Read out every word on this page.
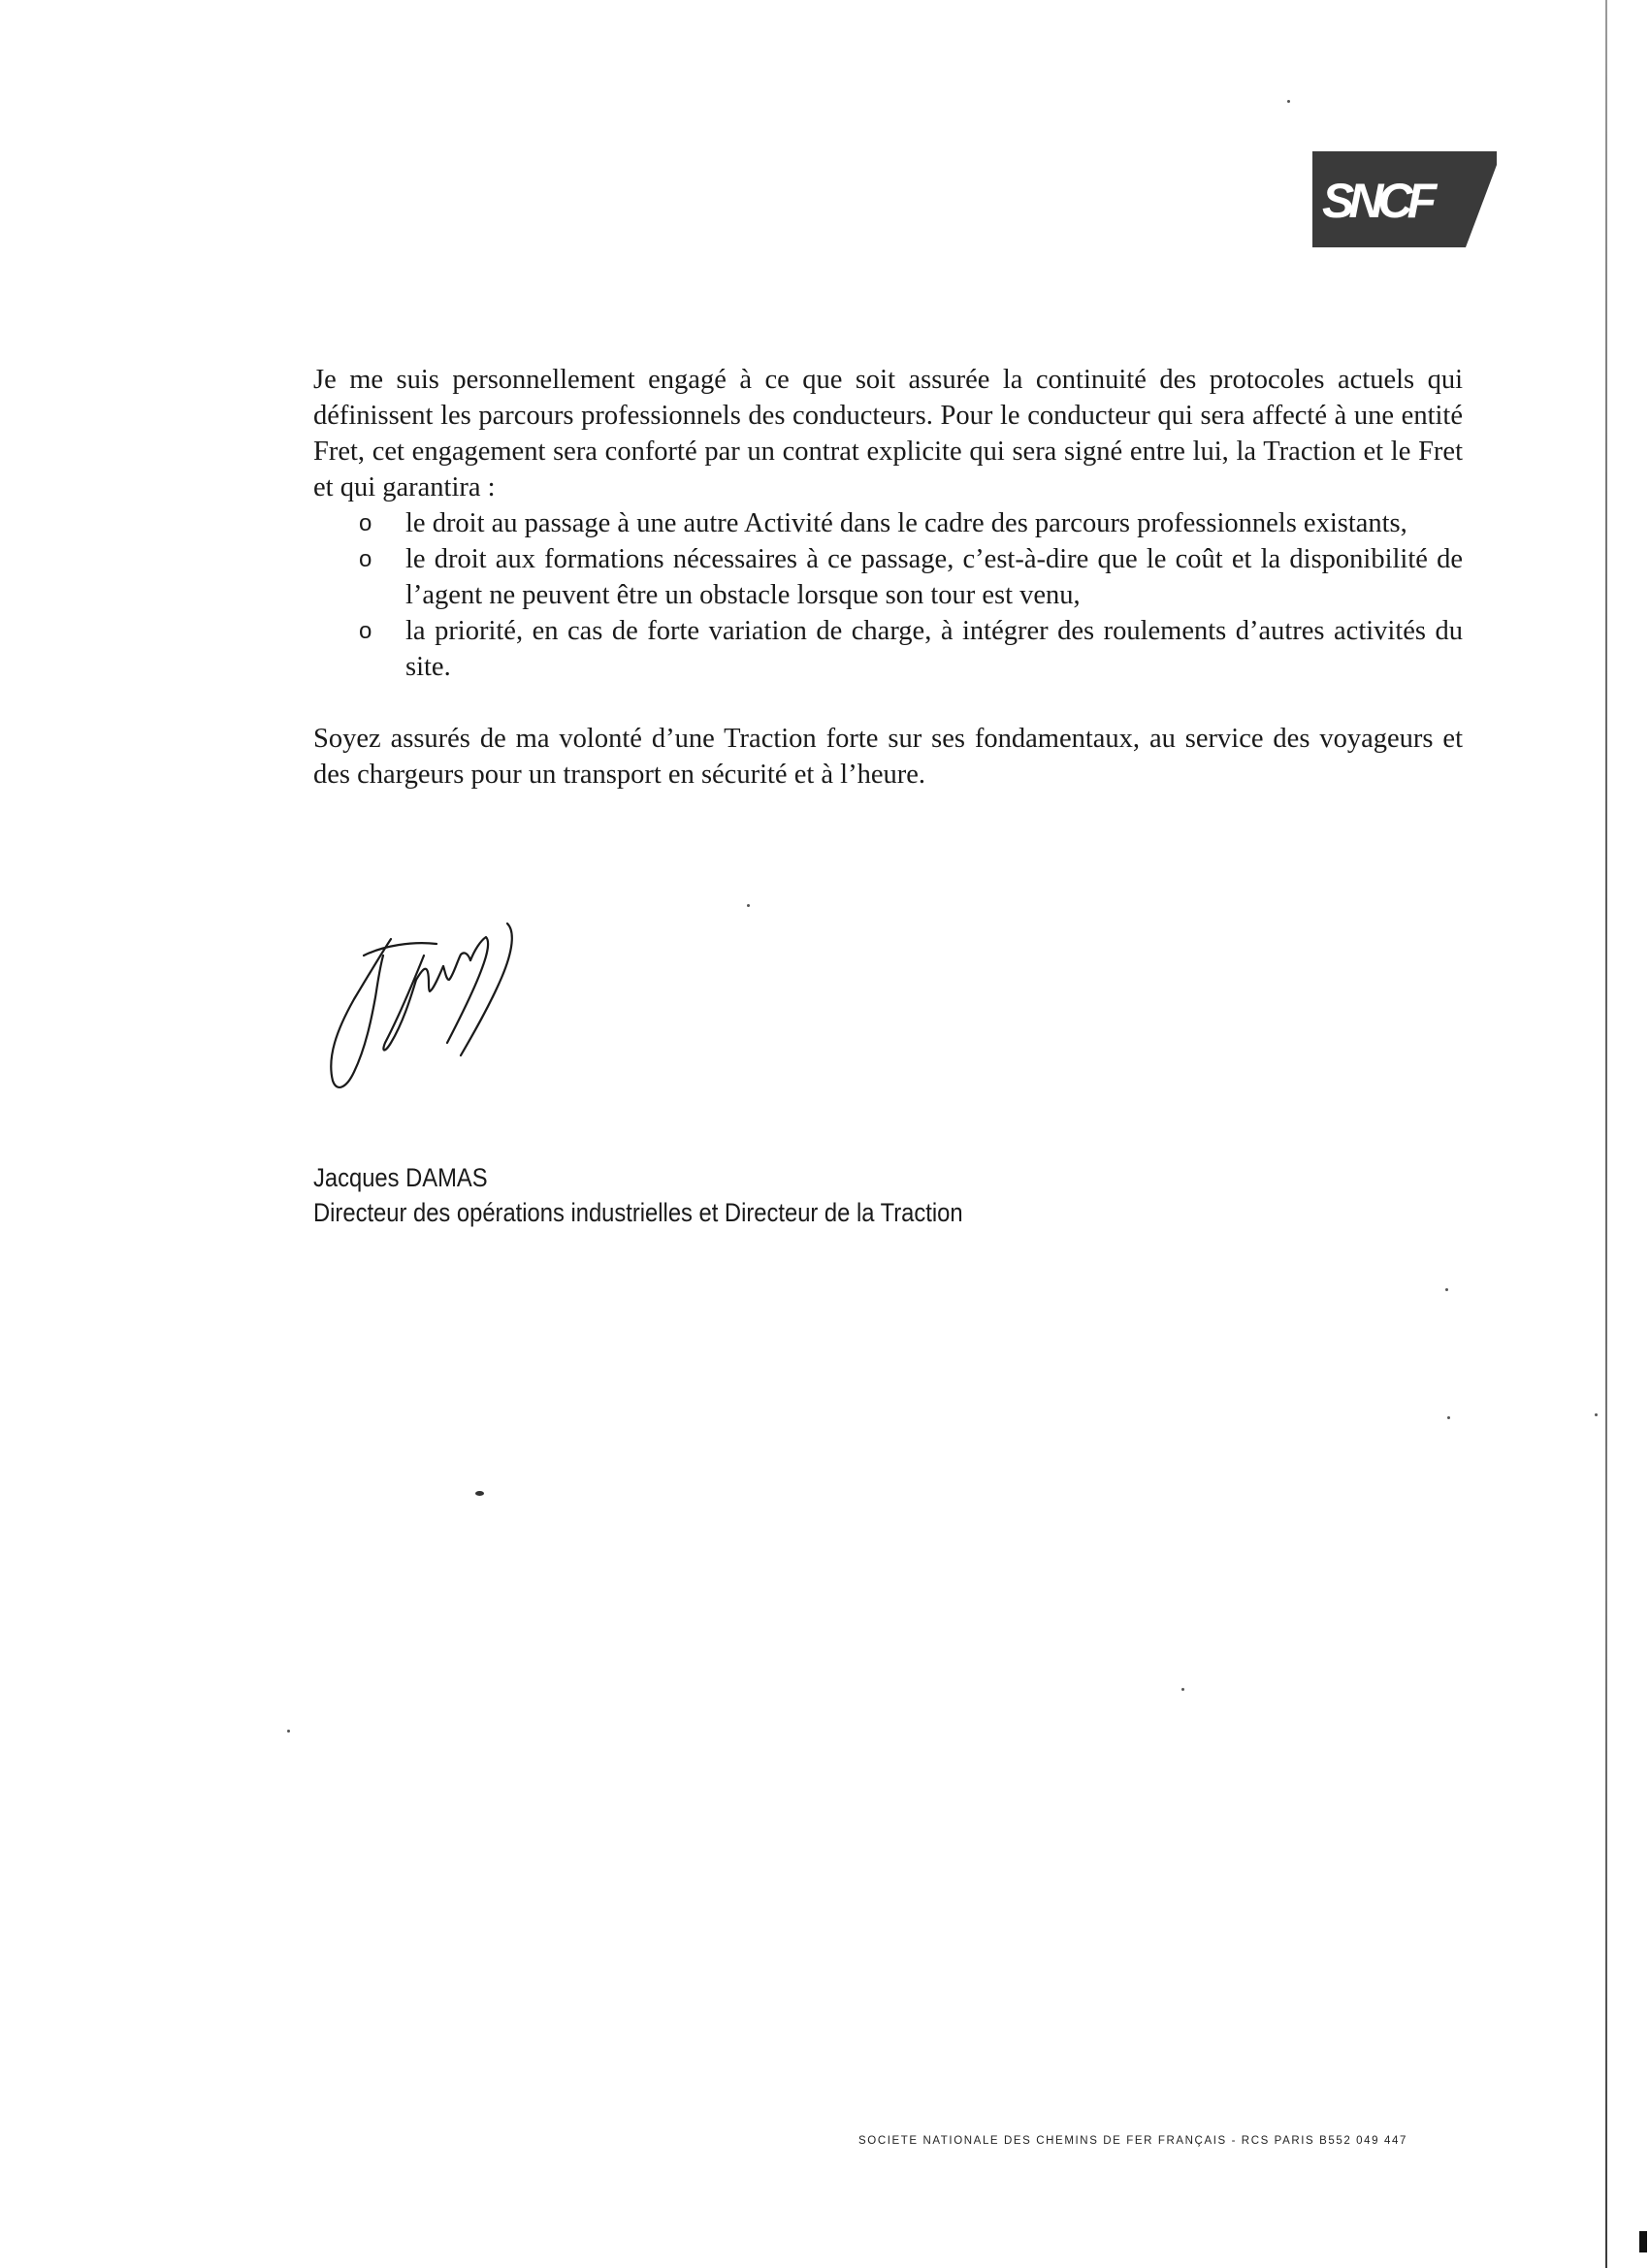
SNCF

Je me suis personnellement engagé à ce que soit assurée la continuité des protocoles actuels qui définissent les parcours professionnels des conducteurs. Pour le conducteur qui sera affecté à une entité Fret, cet engagement sera conforté par un contrat explicite qui sera signé entre lui, la Traction et le Fret et qui garantira :

o le droit au passage à une autre Activité dans le cadre des parcours professionnels existants,
o le droit aux formations nécessaires à ce passage, c’est-à-dire que le coût et la disponibilité de l’agent ne peuvent être un obstacle lorsque son tour est venu,
o la priorité, en cas de forte variation de charge, à intégrer des roulements d’autres activités du site.

Soyez assurés de ma volonté d’une Traction forte sur ses fondamentaux, au service des voyageurs et des chargeurs pour un transport en sécurité et à l’heure.

Jacques DAMAS
Directeur des opérations industrielles et Directeur de la Traction
SOCIETE NATIONALE DES CHEMINS DE FER FRANÇAIS - RCS PARIS B552 049 447
